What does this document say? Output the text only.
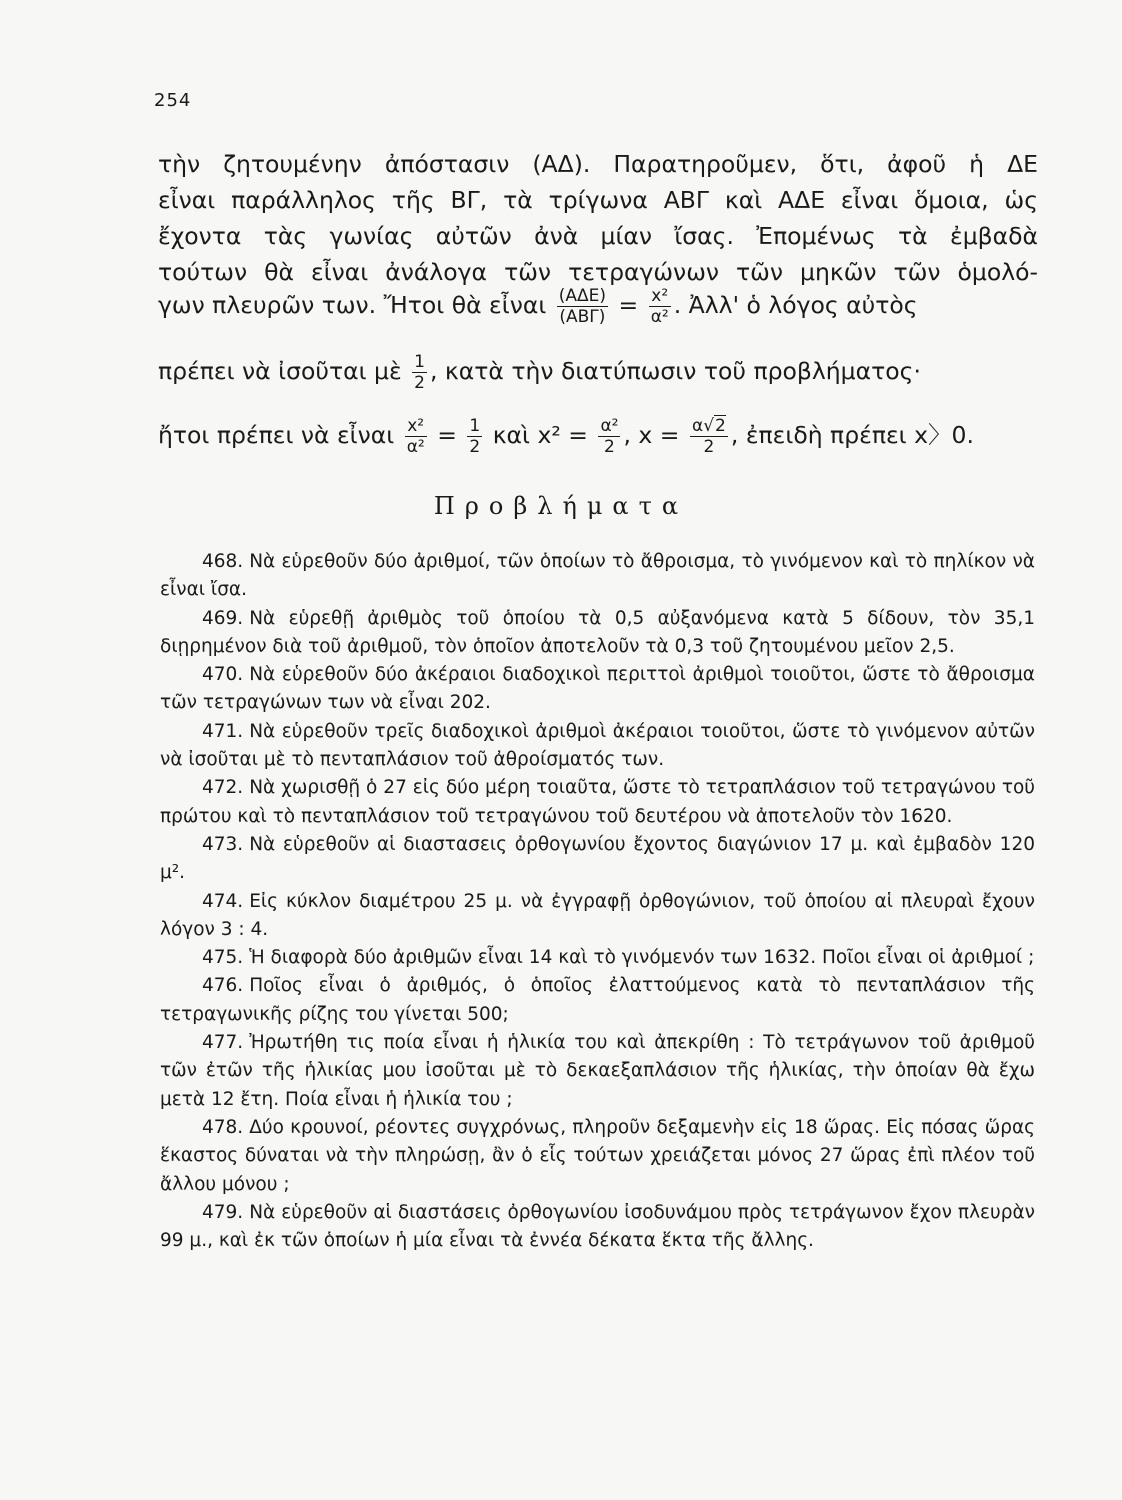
254
τὴν ζητουμένην ἀπόστασιν (ΑΔ). Παρατηροῦμεν, ὅτι, ἀφοῦ ἡ ΔΕ
εἶναι παράλληλος τῆς ΒΓ, τὰ τρίγωνα ΑΒΓ καὶ ΑΔΕ εἶναι ὅμοια, ὡς
ἔχοντα τὰς γωνίας αὐτῶν ἀνὰ μίαν ἴσας. Ἐπομένως τὰ ἐμβαδὰ
τούτων θὰ εἶναι ἀνάλογα τῶν τετραγώνων τῶν μηκῶν τῶν ὁμολό-
γων πλευρῶν των. Ἤτοι θὰ εἶναι $\frac{\text{(ΑΔΕ)}}{\text{(ΑΒΓ)}} = \frac{\text{x²}}{\text{α²}}$ . Ἀλλ' ὁ λόγος αὐτὸς
πρέπει νὰ ἰσοῦται μὲ $\frac{1}{2}$ , κατὰ τὴν διατύπωσιν τοῦ προβλήματος·
ἤτοι πρέπει νὰ εἶναι $\frac{\text{x²}}{\text{α²}} = \frac{1}{2}$ καὶ $x^2 = \frac{\text{α²}}{2}$ , $x = \frac{\alpha√2}{2}$ , ἐπειδὴ πρέπει x〉0.
Προβλήματα

468. Νὰ εὑρεθοῦν δύο ἀριθμοί, τῶν ὁποίων τὸ ἄθροισμα, τὸ γινόμενον καὶ τὸ πηλίκον νὰ εἶναι ἴσα.

469. Νὰ εὑρεθῇ ἀριθμὸς τοῦ ὁποίου τὰ 0,5 αὐξανόμενα κατὰ 5 δίδουν, τὸν 35,1 διῃρημένον διὰ τοῦ ἀριθμοῦ, τὸν ὁποῖον ἀποτελοῦν τὰ 0,3 τοῦ ζητουμένου μεῖον 2,5.

470. Νὰ εὑρεθοῦν δύο ἀκέραιοι διαδοχικοὶ περιττοὶ ἀριθμοὶ τοιοῦτοι, ὥστε τὸ ἄθροισμα τῶν τετραγώνων των νὰ εἶναι 202.

471. Νὰ εὑρεθοῦν τρεῖς διαδοχικοὶ ἀριθμοὶ ἀκέραιοι τοιοῦτοι, ὥστε τὸ γινόμενον αὐτῶν νὰ ἰσοῦται μὲ τὸ πενταπλάσιον τοῦ ἀθροίσματός των.

472. Νὰ χωρισθῇ ὁ 27 εἰς δύο μέρη τοιαῦτα, ὥστε τὸ τετραπλάσιον τοῦ τετραγώνου τοῦ πρώτου καὶ τὸ πενταπλάσιον τοῦ τετραγώνου τοῦ δευτέρου νὰ ἀποτελοῦν τὸν 1620.

473. Νὰ εὑρεθοῦν αἱ διαστασεις ὀρθογωνίου ἔχοντος διαγώνιον 17 μ. καὶ ἐμβαδὸν 120 μ².

474. Εἰς κύκλον διαμέτρου 25 μ. νὰ ἐγγραφῇ ὀρθογώνιον, τοῦ ὁποίου αἱ πλευραὶ ἔχουν λόγον 3 : 4.

475. Ἡ διαφορὰ δύο ἀριθμῶν εἶναι 14 καὶ τὸ γινόμενόν των 1632. Ποῖοι εἶναι οἱ ἀριθμοί ;

476. Ποῖος εἶναι ὁ ἀριθμός, ὁ ὁποῖος ἐλαττούμενος κατὰ τὸ πενταπλάσιον τῆς τετραγωνικῆς ρίζης του γίνεται 500;

477. Ἠρωτήθη τις ποία εἶναι ἡ ἡλικία του καὶ ἀπεκρίθη : Τὸ τετράγωνον τοῦ ἀριθμοῦ τῶν ἐτῶν τῆς ἡλικίας μου ἰσοῦται μὲ τὸ δεκαεξαπλάσιον τῆς ἡλικίας, τὴν ὁποίαν θὰ ἔχω μετὰ 12 ἔτη. Ποία εἶναι ἡ ἡλικία του ;

478. Δύο κρουνοί, ρέοντες συγχρόνως, πληροῦν δεξαμενὴν εἰς 18 ὥρας. Εἰς πόσας ὥρας ἕκαστος δύναται νὰ τὴν πληρώσῃ, ἂν ὁ εἷς τούτων χρειάζεται μόνος 27 ὥρας ἐπὶ πλέον τοῦ ἄλλου μόνου ;

479. Νὰ εὑρεθοῦν αἱ διαστάσεις ὀρθογωνίου ἰσοδυνάμου πρὸς τετράγωνον ἔχον πλευρὰν 99 μ., καὶ ἐκ τῶν ὁποίων ἡ μία εἶναι τὰ ἐννέα δέκατα ἕκτα τῆς ἄλλης.
